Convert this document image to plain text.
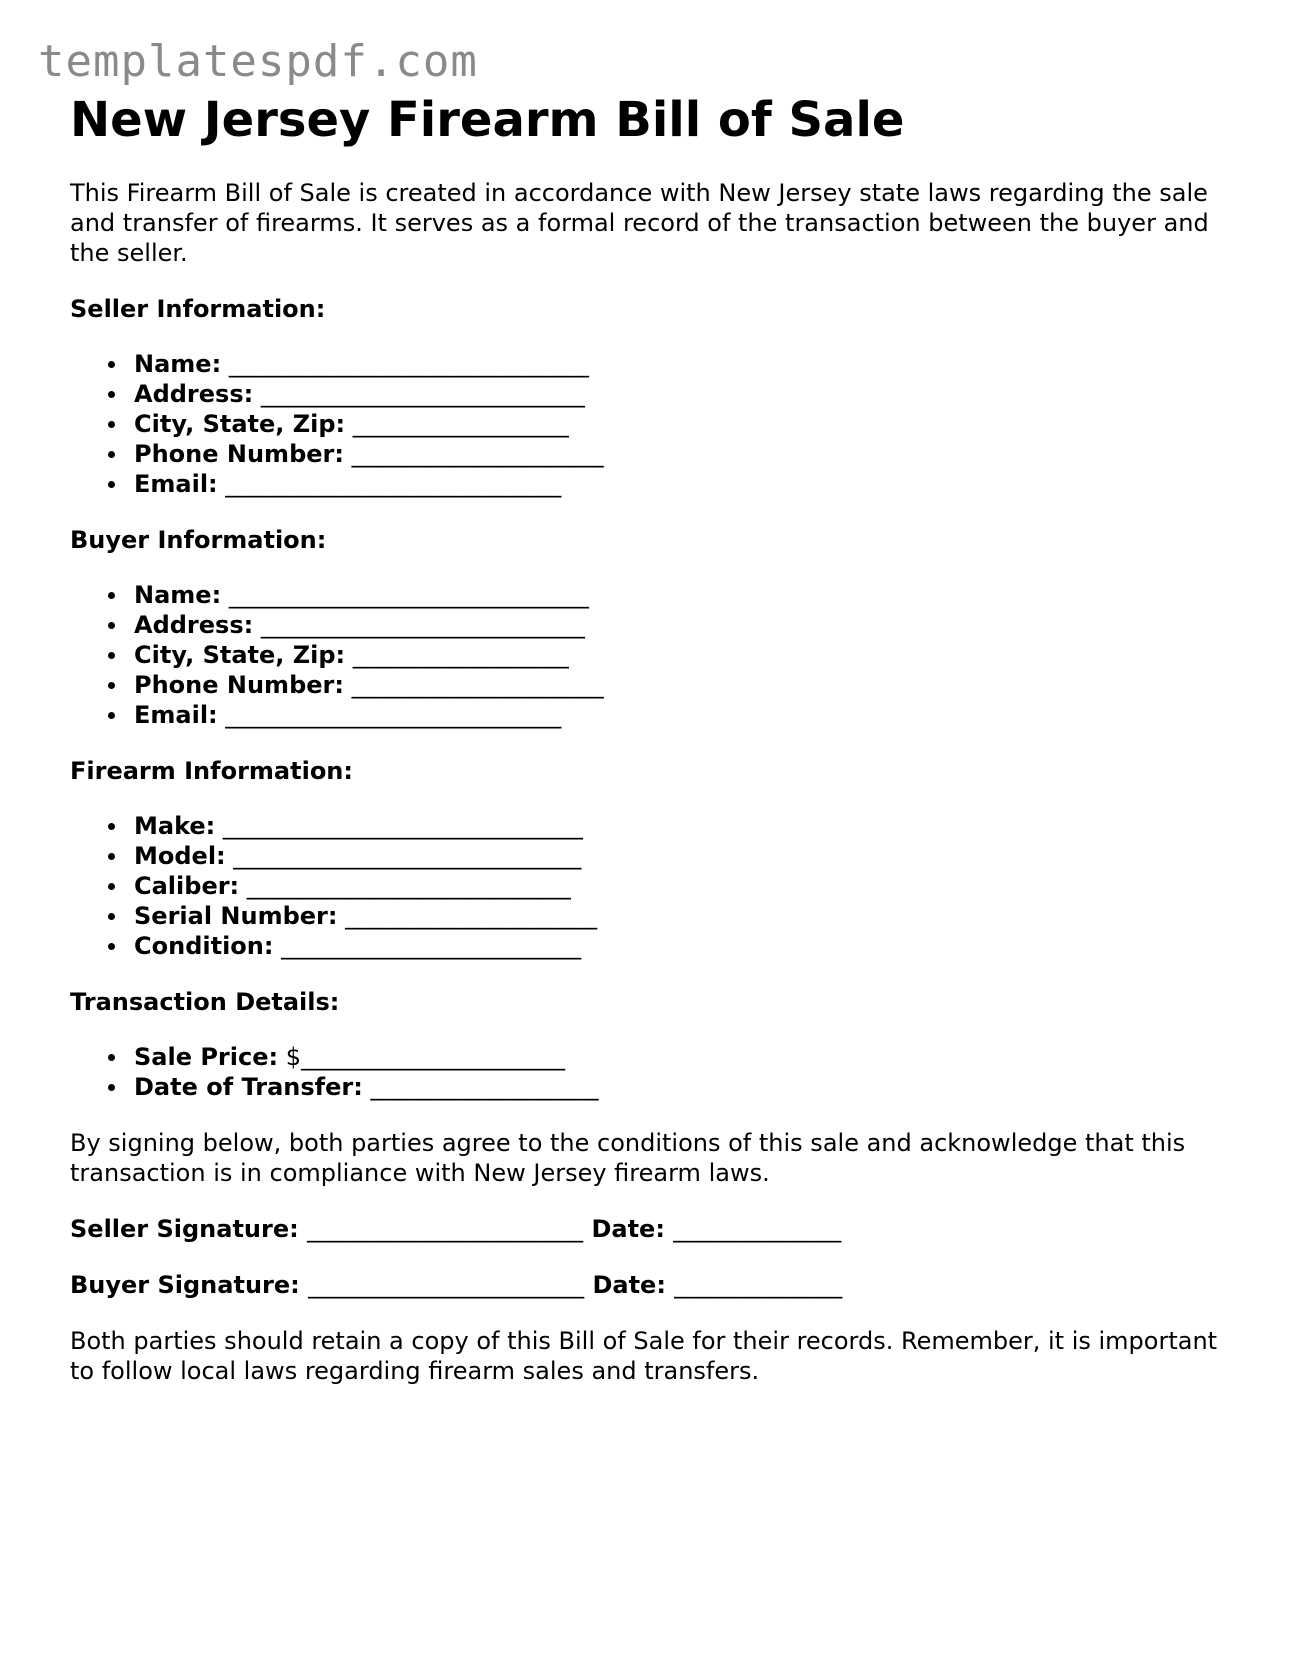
templatespdf.com
New Jersey Firearm Bill of Sale

This Firearm Bill of Sale is created in accordance with New Jersey state laws regarding the sale and transfer of firearms. It serves as a formal record of the transaction between the buyer and the seller.

Seller Information:
Name: ______________________________
Address: ___________________________
City, State, Zip: __________________
Phone Number: _____________________
Email: ____________________________
Buyer Information:
Name: ______________________________
Address: ___________________________
City, State, Zip: __________________
Phone Number: _____________________
Email: ____________________________
Firearm Information:
Make: ______________________________
Model: _____________________________
Caliber: ___________________________
Serial Number: _____________________
Condition: _________________________
Transaction Details:
Sale Price: $______________________
Date of Transfer: ___________________

By signing below, both parties agree to the conditions of this sale and acknowledge that this transaction is in compliance with New Jersey firearm laws.

Seller Signature: _______________________ Date: ______________
Buyer Signature: _______________________ Date: ______________

Both parties should retain a copy of this Bill of Sale for their records. Remember, it is important to follow local laws regarding firearm sales and transfers.
